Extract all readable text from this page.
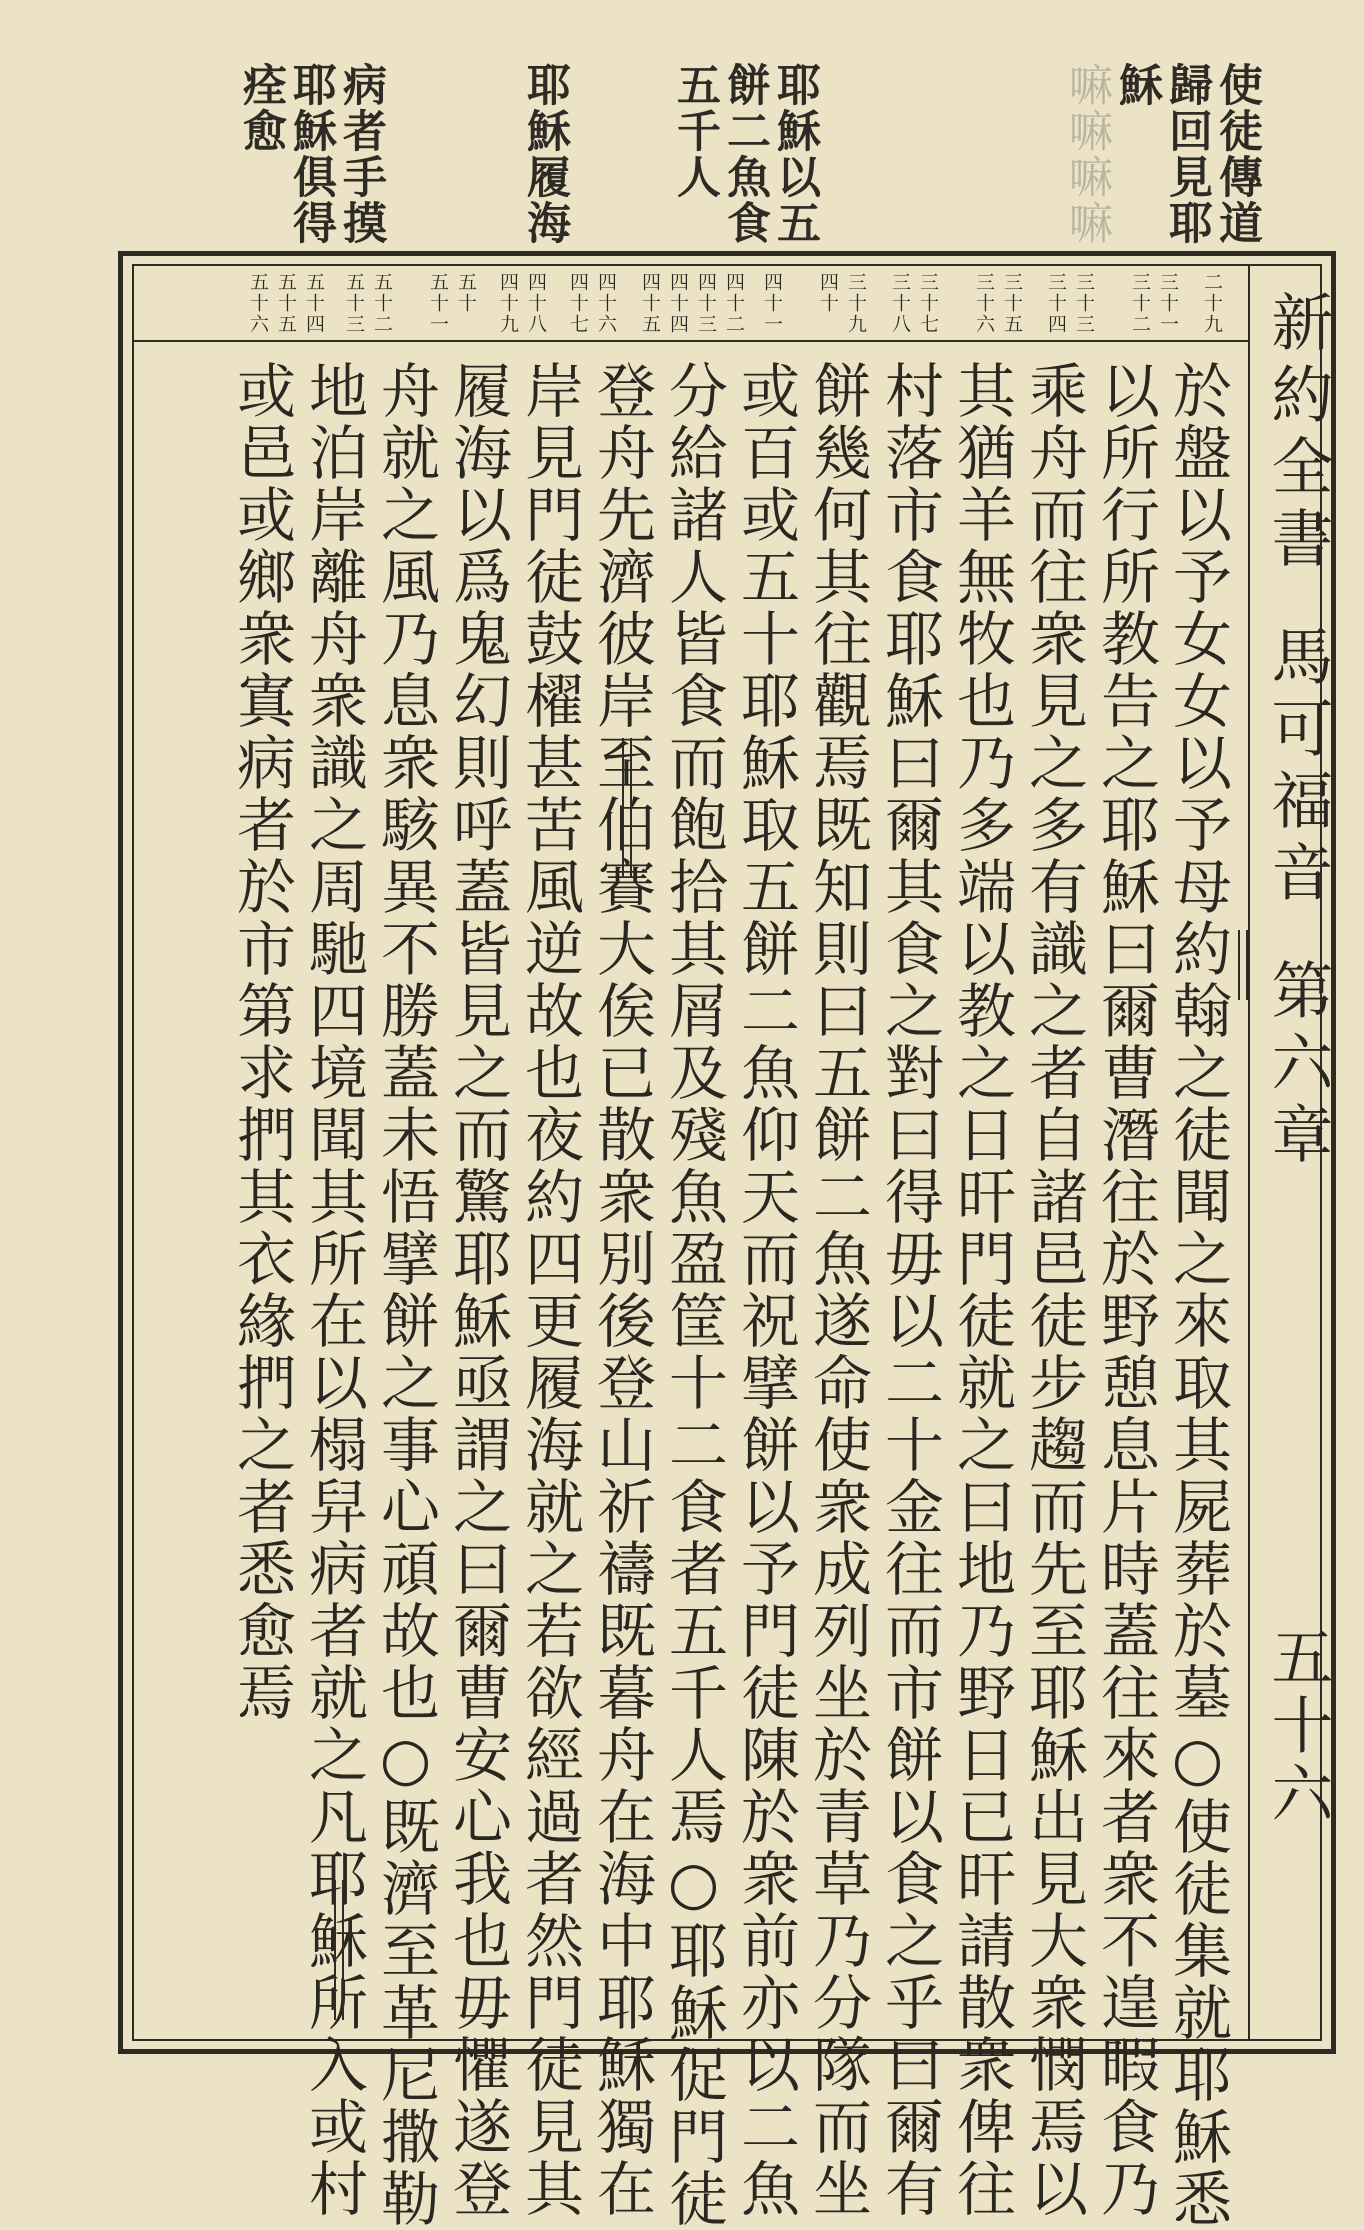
使徒傳道
歸回見耶
穌
嘛嘛嘛嘛
耶穌以五
餅二魚食
五千人
耶穌履海
病者手摸
耶穌俱得
痊愈
二十九
三十一
三十二
三十三
三十四
三十五
三十六
三十七
三十八
三十九
四十
四十一
四十二
四十三
四十四
四十五
四十六
四十七
四十八
四十九
五十
五十一
五十二
五十三
五十四
五十五
五十六
於盤以予女女以予母約翰之徒聞之來取其屍葬於墓○使徒集就耶穌悉
以所行所教告之耶穌曰爾曹潛往於野憩息片時蓋往來者衆不遑暇食乃
乘舟而往衆見之多有識之者自諸邑徒步趨而先至耶穌出見大衆憫焉以
其猶羊無牧也乃多端以教之日旰門徒就之曰地乃野日已旰請散衆俾往
村落市食耶穌曰爾其食之對曰得毋以二十金往而市餅以食之乎曰爾有
餅幾何其往觀焉既知則曰五餅二魚遂命使衆成列坐於青草乃分隊而坐
或百或五十耶穌取五餅二魚仰天而祝擘餅以予門徒陳於衆前亦以二魚
分給諸人皆食而飽拾其屑及殘魚盈筐十二食者五千人焉○耶穌促門徒
登舟先濟彼岸至伯賽大俟已散衆別後登山祈禱既暮舟在海中耶穌獨在
岸見門徒鼓櫂甚苦風逆故也夜約四更履海就之若欲經過者然門徒見其
履海以爲鬼幻則呼蓋皆見之而驚耶穌亟謂之曰爾曹安心我也毋懼遂登
舟就之風乃息衆駭異不勝蓋未悟擘餅之事心頑故也○既濟至革尼撒勒
地泊岸離舟衆識之周馳四境聞其所在以榻舁病者就之凡耶穌所入或村
或邑或鄉衆寘病者於市第求捫其衣緣捫之者悉愈焉	新約全書馬可福音第六章
五十六
